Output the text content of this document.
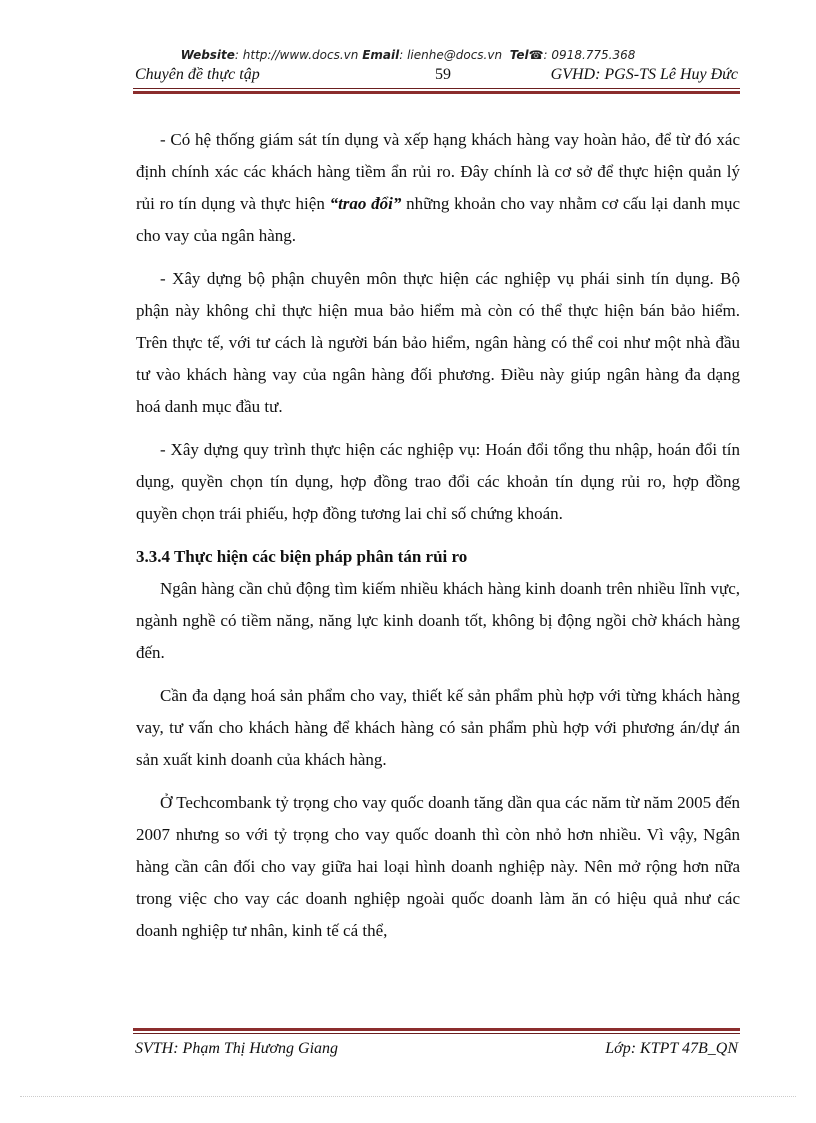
Website: http://www.docs.vn Email: lienhe@docs.vn Tel☎: 0918.775.368
Chuyên đề thực tập	59	GVHD: PGS-TS Lê Huy Đức

- Có hệ thống giám sát tín dụng và xếp hạng khách hàng vay hoàn hảo, để từ đó xác định chính xác các khách hàng tiềm ẩn rủi ro. Đây chính là cơ sở để thực hiện quản lý rủi ro tín dụng và thực hiện “trao đổi” những khoản cho vay nhằm cơ cấu lại danh mục cho vay của ngân hàng.

- Xây dựng bộ phận chuyên môn thực hiện các nghiệp vụ phái sinh tín dụng. Bộ phận này không chỉ thực hiện mua bảo hiểm mà còn có thể thực hiện bán bảo hiểm. Trên thực tế, với tư cách là người bán bảo hiểm, ngân hàng có thể coi như một nhà đầu tư vào khách hàng vay của ngân hàng đối phương. Điều này giúp ngân hàng đa dạng hoá danh mục đầu tư.

- Xây dựng quy trình thực hiện các nghiệp vụ: Hoán đổi tổng thu nhập, hoán đổi tín dụng, quyền chọn tín dụng, hợp đồng trao đổi các khoản tín dụng rủi ro, hợp đồng quyền chọn trái phiếu, hợp đồng tương lai chỉ số chứng khoán.

3.3.4 Thực hiện các biện pháp phân tán rủi ro

Ngân hàng cần chủ động tìm kiếm nhiều khách hàng kinh doanh trên nhiều lĩnh vực, ngành nghề có tiềm năng, năng lực kinh doanh tốt, không bị động ngồi chờ khách hàng đến.

Cần đa dạng hoá sản phẩm cho vay, thiết kế sản phẩm phù hợp với từng khách hàng vay, tư vấn cho khách hàng để khách hàng có sản phẩm phù hợp với phương án/dự án sản xuất kinh doanh của khách hàng.

Ở Techcombank tỷ trọng cho vay quốc doanh tăng dần qua các năm từ năm 2005 đến 2007 nhưng so với tỷ trọng cho vay quốc doanh thì còn nhỏ hơn nhiều. Vì vậy, Ngân hàng cần cân đối cho vay giữa hai loại hình doanh nghiệp này. Nên mở rộng hơn nữa trong việc cho vay các doanh nghiệp ngoài quốc doanh làm ăn có hiệu quả như các doanh nghiệp tư nhân, kinh tế cá thể,

SVTH: Phạm Thị Hương Giang	Lớp: KTPT 47B_QN
